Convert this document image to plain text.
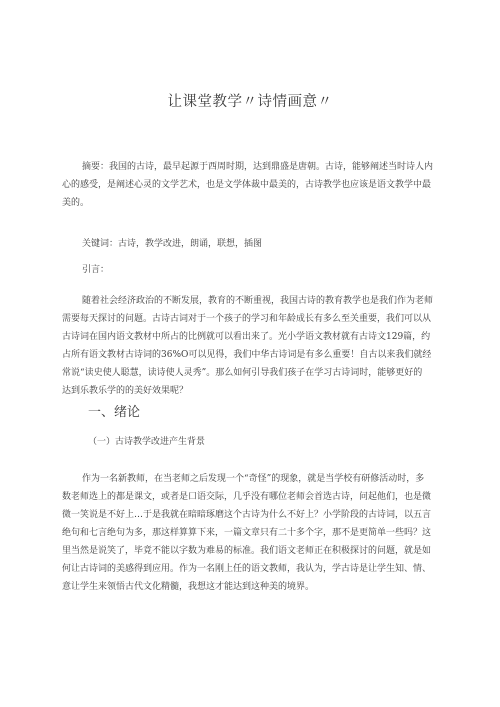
让课堂教学〃诗情画意〃
摘要：我国的古诗，最早起源于西周时期，达到鼎盛是唐朝。古诗，能够阐述当时诗人内
心的感受，是阐述心灵的文学艺术，也是文学体裁中最美的，古诗教学也应该是语文教学中最
美的。
关键词：古诗，教学改进，朗诵，联想，插图
引言：
随着社会经济政治的不断发展，教育的不断重视，我国古诗的教育教学也是我们作为老师
需要每天探讨的问题。古诗古词对于一个孩子的学习和年龄成长有多么至关重要，我们可以从
古诗词在国内语文教材中所占的比例就可以看出来了。光小学语文教材就有古诗文129篇，约
占所有语文教材古诗词的36%O可以见得，我们中华古诗词是有多么重要！自古以来我们就经
常说“读史使人聪慧，读诗使人灵秀”。那么如何引导我们孩子在学习古诗词时，能够更好的
达到乐教乐学的的美好效果呢？
一、绪论
（一）古诗教学改进产生背景
作为一名新教师，在当老师之后发现一个“奇怪”的现象，就是当学校有研修活动时，多
数老师选上的都是课文，或者是口语交际，几乎没有哪位老师会首选古诗，问起他们，也是微
微一笑说是不好上…于是我就在暗暗琢磨这个古诗为什么不好上？小学阶段的古诗词，以五言
绝句和七言绝句为多，那这样算算下来，一篇文章只有二十多个字，那不是更简单一些吗？这
里当然是说笑了，毕竟不能以字数为难易的标准。我们语文老师正在积极探讨的问题，就是如
何让古诗词的美感得到应用。作为一名刚上任的语文教师，我认为，学古诗是让学生知、情、
意让学生来领悟古代文化精髓，我想这才能达到这种美的境界。
